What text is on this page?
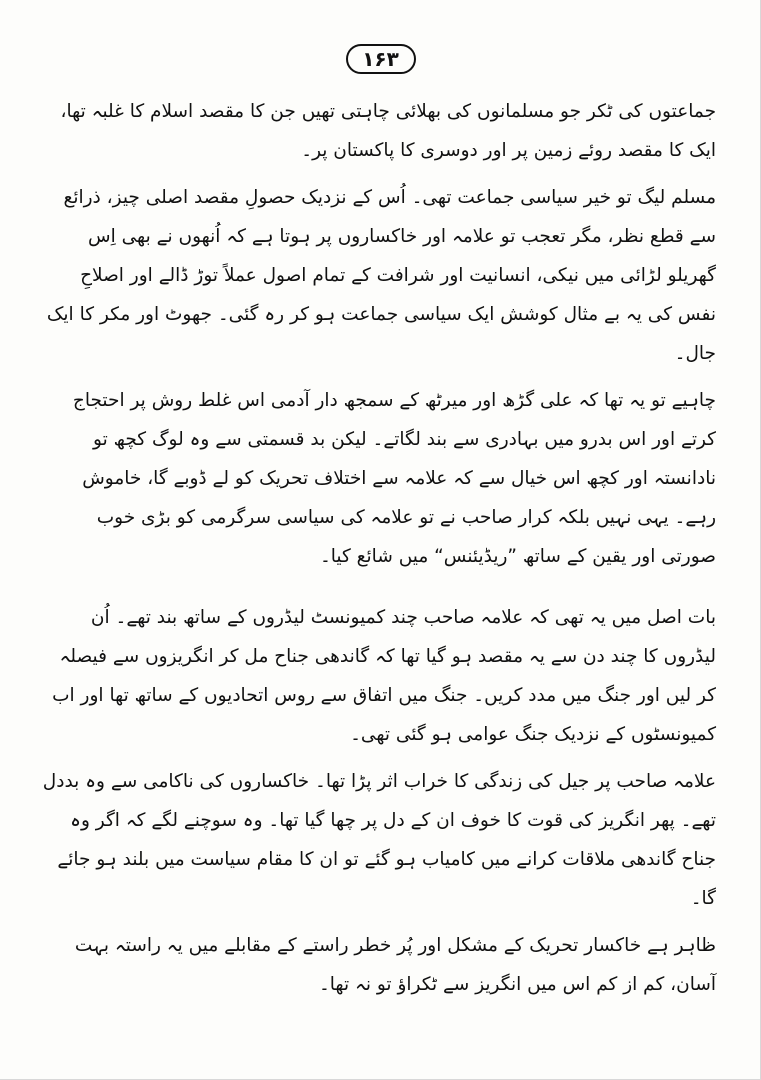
۱۶۳

جماعتوں کی ٹکر جو مسلمانوں کی بھلائی چاہتی تھیں جن کا مقصد اسلام کا غلبہ تھا، ایک کا مقصد روئے زمین پر اور دوسری کا پاکستان پر۔

مسلم لیگ تو خیر سیاسی جماعت تھی۔ اُس کے نزدیک حصولِ مقصد اصلی چیز، ذرائع سے قطع نظر، مگر تعجب تو علامہ اور خاکساروں پر ہوتا ہے کہ اُنھوں نے بھی اِس گھریلو لڑائی میں نیکی، انسانیت اور شرافت کے تمام اصول عملاً توڑ ڈالے اور اصلاحِ نفس کی یہ بے مثال کوشش ایک سیاسی جماعت ہو کر رہ گئی۔ جھوٹ اور مکر کا ایک جال۔

چاہیے تو یہ تھا کہ علی گڑھ اور میرٹھ کے سمجھ دار آدمی اس غلط روش پر احتجاج کرتے اور اس بدرو میں بہادری سے بند لگاتے۔ لیکن بد قسمتی سے وہ لوگ کچھ تو نادانستہ اور کچھ اس خیال سے کہ علامہ سے اختلاف تحریک کو لے ڈوبے گا، خاموش رہے۔ یہی نہیں بلکہ کرار صاحب نے تو علامہ کی سیاسی سرگرمی کو بڑی خوب صورتی اور یقین کے ساتھ ”ریڈیئنس“ میں شائع کیا۔

بات اصل میں یہ تھی کہ علامہ صاحب چند کمیونسٹ لیڈروں کے ساتھ بند تھے۔ اُن لیڈروں کا چند دن سے یہ مقصد ہو گیا تھا کہ گاندھی جناح مل کر انگریزوں سے فیصلہ کر لیں اور جنگ میں مدد کریں۔ جنگ میں اتفاق سے روس اتحادیوں کے ساتھ تھا اور اب کمیونسٹوں کے نزدیک جنگ عوامی ہو گئی تھی۔

علامہ صاحب پر جیل کی زندگی کا خراب اثر پڑا تھا۔ خاکساروں کی ناکامی سے وہ بددل تھے۔ پھر انگریز کی قوت کا خوف ان کے دل پر چھا گیا تھا۔ وہ سوچنے لگے کہ اگر وہ جناح گاندھی ملاقات کرانے میں کامیاب ہو گئے تو ان کا مقام سیاست میں بلند ہو جائے گا۔

ظاہر ہے خاکسار تحریک کے مشکل اور پُر خطر راستے کے مقابلے میں یہ راستہ بہت آسان، کم از کم اس میں انگریز سے ٹکراؤ تو نہ تھا۔
